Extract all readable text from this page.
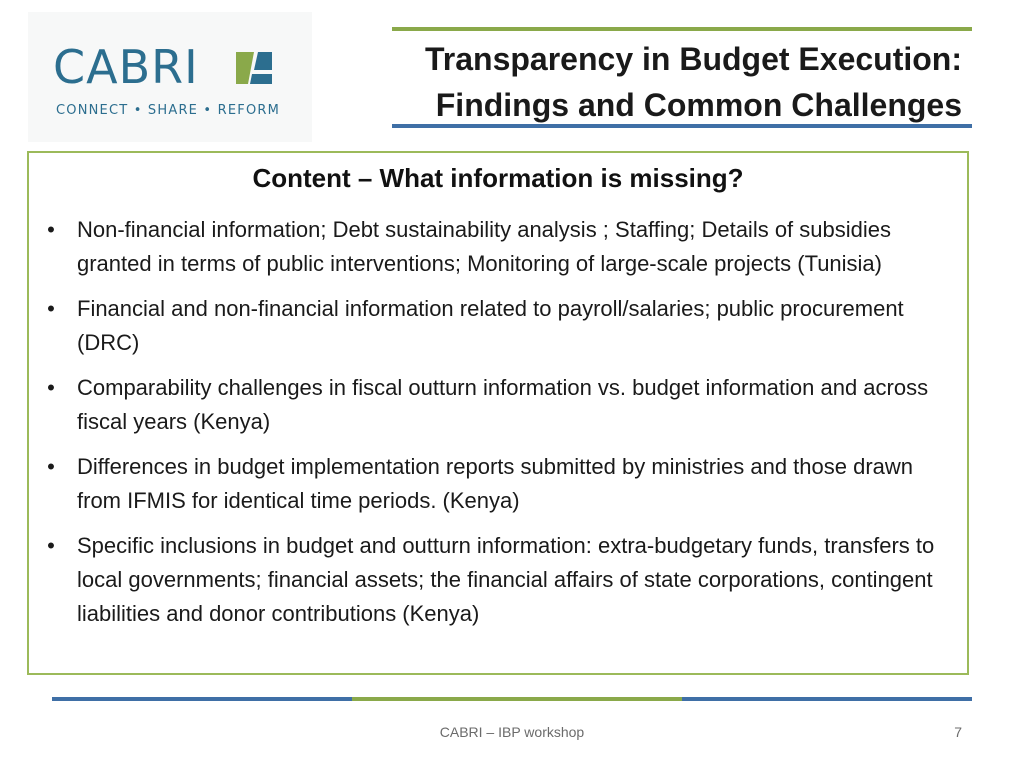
CABRI
CONNECT • SHARE • REFORM
Transparency in Budget Execution:
Findings and Common Challenges
Content – What information is missing?
• Non-financial information; Debt sustainability analysis ; Staffing; Details of subsidies granted in terms of public interventions; Monitoring of large-scale projects (Tunisia)
• Financial and non-financial information related to payroll/salaries; public procurement (DRC)
• Comparability challenges in fiscal outturn information vs. budget information and across fiscal years (Kenya)
• Differences in budget implementation reports submitted by ministries and those drawn from IFMIS for identical time periods. (Kenya)
• Specific inclusions in budget and outturn information: extra-budgetary funds, transfers to local governments; financial assets; the financial affairs of state corporations, contingent liabilities and donor contributions (Kenya)
CABRI – IBP workshop	7
